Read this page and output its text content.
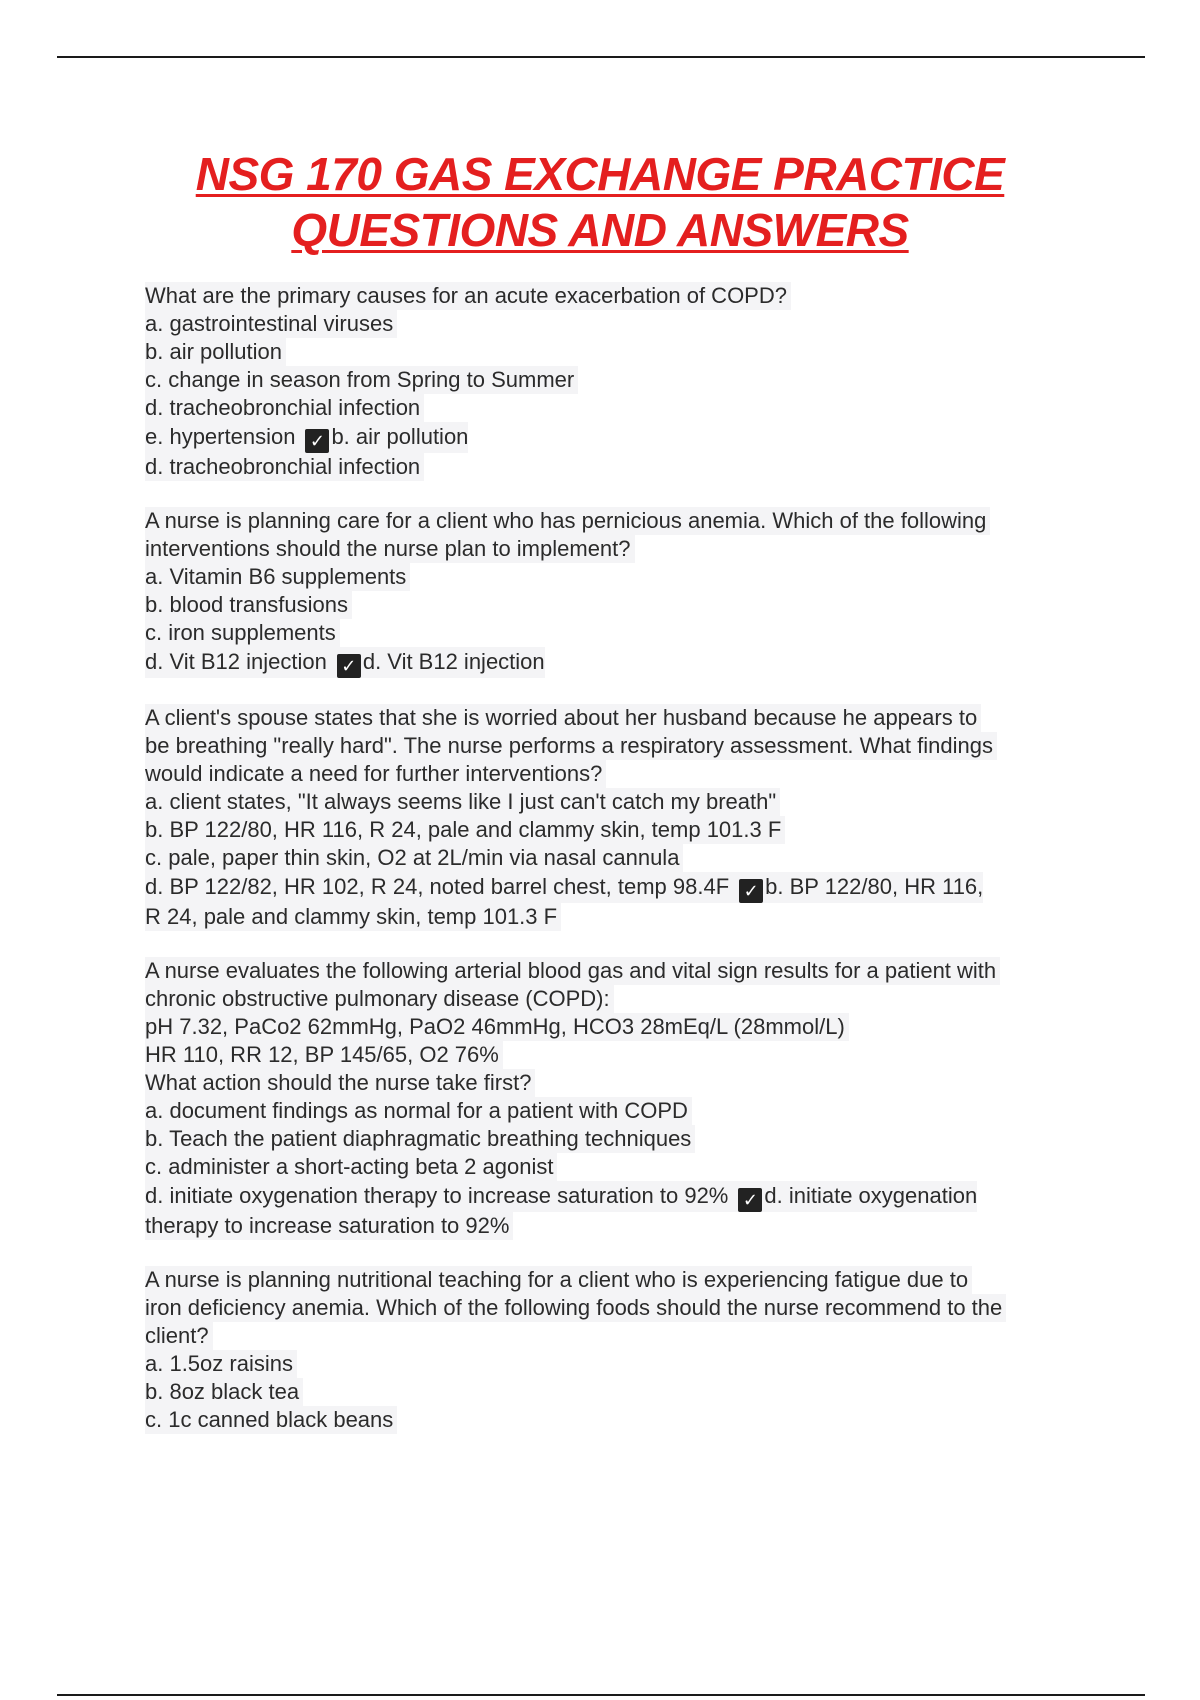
NSG 170 GAS EXCHANGE PRACTICE
QUESTIONS AND ANSWERS
What are the primary causes for an acute exacerbation of COPD?
a. gastrointestinal viruses
b. air pollution
c. change in season from Spring to Summer
d. tracheobronchial infection
e. hypertension ✓ b. air pollution
d. tracheobronchial infection
A nurse is planning care for a client who has pernicious anemia. Which of the following
interventions should the nurse plan to implement?
a. Vitamin B6 supplements
b. blood transfusions
c. iron supplements
d. Vit B12 injection ✓ d. Vit B12 injection
A client's spouse states that she is worried about her husband because he appears to
be breathing "really hard". The nurse performs a respiratory assessment. What findings
would indicate a need for further interventions?
a. client states, "It always seems like I just can't catch my breath"
b. BP 122/80, HR 116, R 24, pale and clammy skin, temp 101.3 F
c. pale, paper thin skin, O2 at 2L/min via nasal cannula
d. BP 122/82, HR 102, R 24, noted barrel chest, temp 98.4F ✓ b. BP 122/80, HR 116,
R 24, pale and clammy skin, temp 101.3 F
A nurse evaluates the following arterial blood gas and vital sign results for a patient with
chronic obstructive pulmonary disease (COPD):
pH 7.32, PaCo2 62mmHg, PaO2 46mmHg, HCO3 28mEq/L (28mmol/L)
HR 110, RR 12, BP 145/65, O2 76%
What action should the nurse take first?
a. document findings as normal for a patient with COPD
b. Teach the patient diaphragmatic breathing techniques
c. administer a short-acting beta 2 agonist
d. initiate oxygenation therapy to increase saturation to 92% ✓ d. initiate oxygenation
therapy to increase saturation to 92%
A nurse is planning nutritional teaching for a client who is experiencing fatigue due to
iron deficiency anemia. Which of the following foods should the nurse recommend to the
client?
a. 1.5oz raisins
b. 8oz black tea
c. 1c canned black beans
